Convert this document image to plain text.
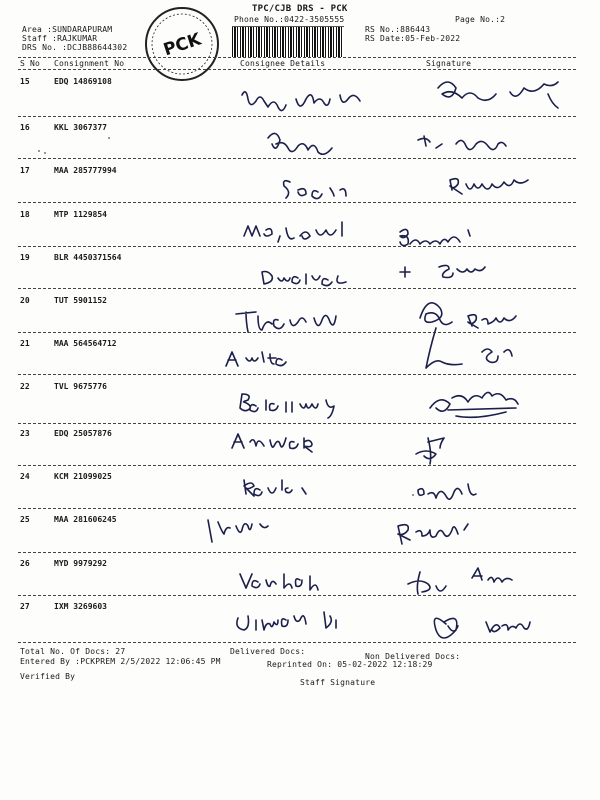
TPC/CJB DRS - PCK
Phone No.:0422-3505555	Page No.:2
Area :SUNDARAPURAM
Staff :RAJKUMAR
DRS No. :DCJB88644302
RS No.:886443
RS Date:05-Feb-2022
PCK
S No Consignment No	Consignee Details	Signature
15	EDQ 14869108
16	KKL 3067377
17	MAA 285777994
18	MTP 1129854
19	BLR 4450371564
20	TUT 5901152
21	MAA 564564712
22	TVL 9675776
23	EDQ 25057876
24	KCM 21099025
25	MAA 281606245
26	MYD 9979292
27	IXM 3269603
Total No. Of Docs: 27	Delivered Docs:
Non Delivered Docs:
Entered By :PCKPREM 2/5/2022 12:06:45 PM	Reprinted On: 05-02-2022 12:18:29
Verified By
Staff Signature
